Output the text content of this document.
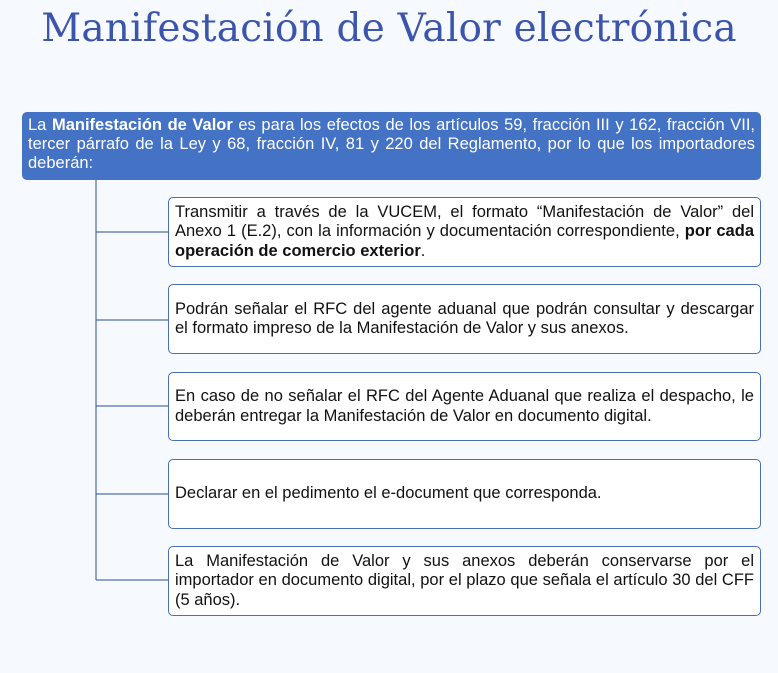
Manifestación de Valor electrónica
La Manifestación de Valor es para los efectos de los artículos 59, fracción III y 162, fracción VII, tercer párrafo de la Ley y 68, fracción IV, 81 y 220 del Reglamento, por lo que los importadores deberán:
Transmitir a través de la VUCEM, el formato “Manifestación de Valor” del Anexo 1 (E.2), con la información y documentación correspondiente, por cada operación de comercio exterior.
Podrán señalar el RFC del agente aduanal que podrán consultar y descargar el formato impreso de la Manifestación de Valor y sus anexos.
En caso de no señalar el RFC del Agente Aduanal que realiza el despacho, le deberán entregar la Manifestación de Valor en documento digital.
Declarar en el pedimento el e-document que corresponda.
La Manifestación de Valor y sus anexos deberán conservarse por el importador en documento digital, por el plazo que señala el artículo 30 del CFF (5 años).
